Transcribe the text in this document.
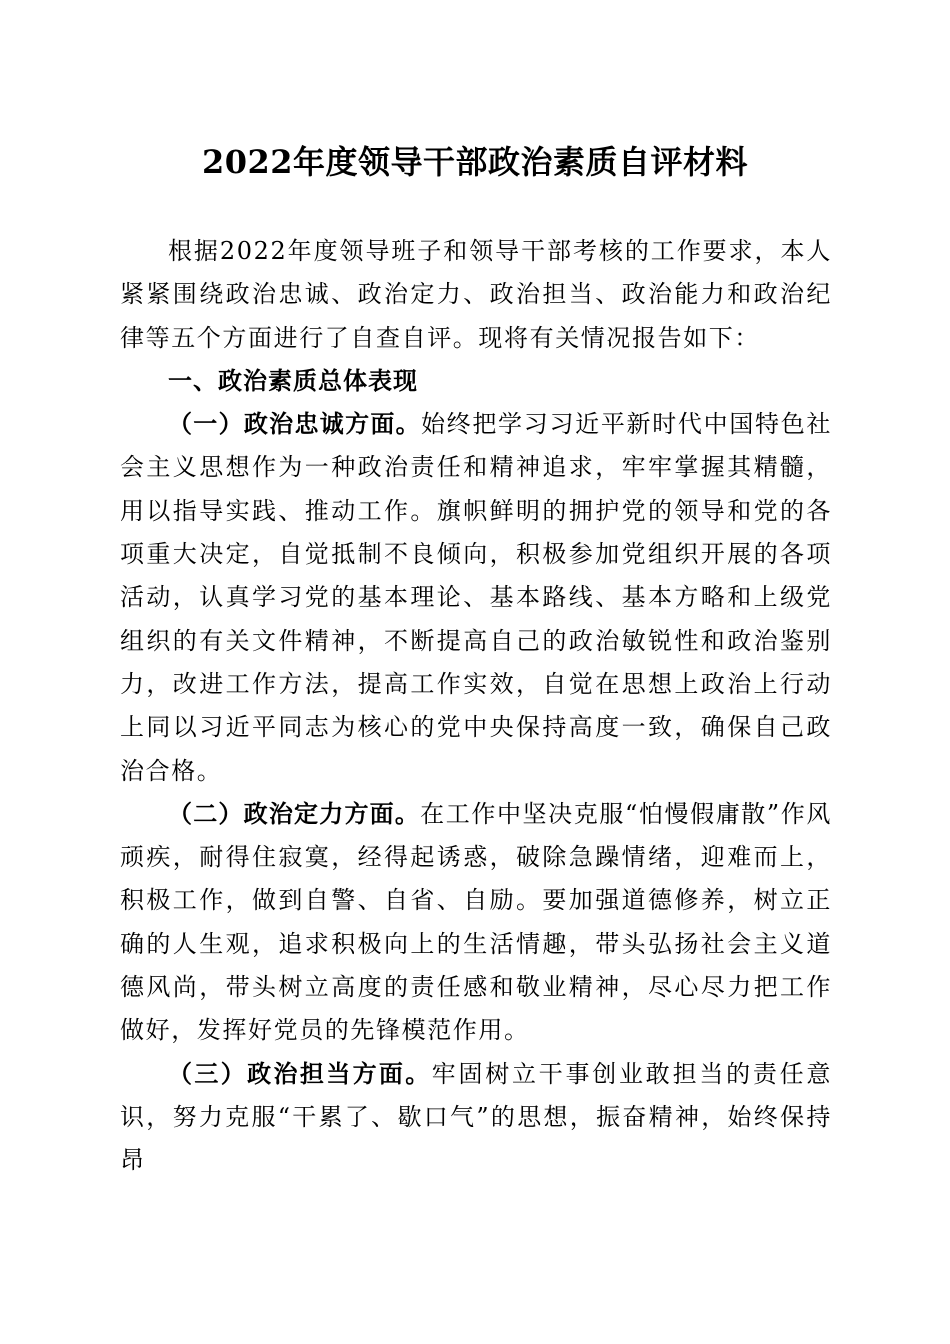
2022年度领导干部政治素质自评材料

根据2022年度领导班子和领导干部考核的工作要求，本人紧紧围绕政治忠诚、政治定力、政治担当、政治能力和政治纪律等五个方面进行了自查自评。现将有关情况报告如下：

一、政治素质总体表现

（一）政治忠诚方面。始终把学习习近平新时代中国特色社会主义思想作为一种政治责任和精神追求，牢牢掌握其精髓，用以指导实践、推动工作。旗帜鲜明的拥护党的领导和党的各项重大决定，自觉抵制不良倾向，积极参加党组织开展的各项活动，认真学习党的基本理论、基本路线、基本方略和上级党组织的有关文件精神，不断提高自己的政治敏锐性和政治鉴别力，改进工作方法，提高工作实效，自觉在思想上政治上行动上同以习近平同志为核心的党中央保持高度一致，确保自己政治合格。

（二）政治定力方面。在工作中坚决克服“怕慢假庸散”作风顽疾，耐得住寂寞，经得起诱惑，破除急躁情绪，迎难而上，积极工作，做到自警、自省、自励。要加强道德修养，树立正确的人生观，追求积极向上的生活情趣，带头弘扬社会主义道德风尚，带头树立高度的责任感和敬业精神，尽心尽力把工作做好，发挥好党员的先锋模范作用。

（三）政治担当方面。牢固树立干事创业敢担当的责任意识，努力克服“干累了、歇口气”的思想，振奋精神，始终保持昂
